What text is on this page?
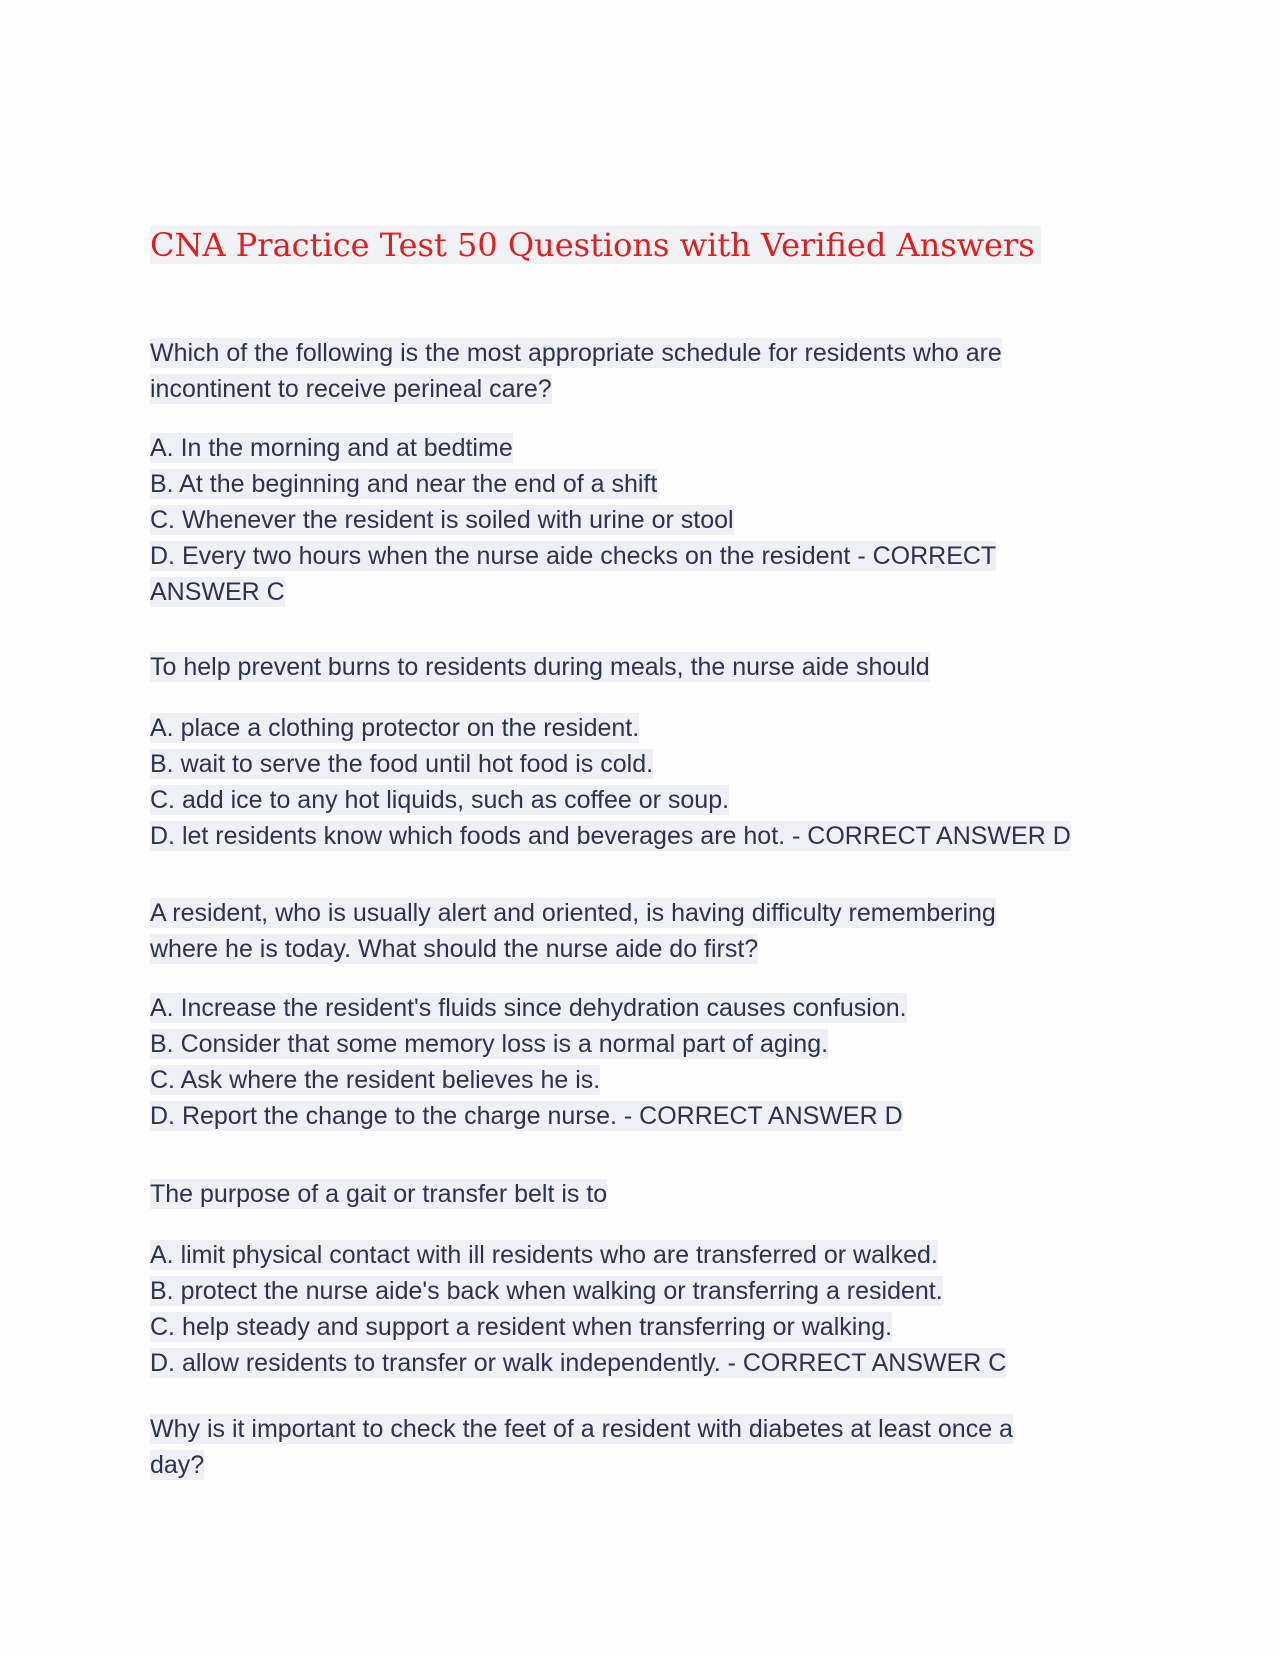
CNA Practice Test 50 Questions with Verified Answers
Which of the following is the most appropriate schedule for residents who are
incontinent to receive perineal care?
A. In the morning and at bedtime
B. At the beginning and near the end of a shift
C. Whenever the resident is soiled with urine or stool
D. Every two hours when the nurse aide checks on the resident - CORRECT
ANSWER C
To help prevent burns to residents during meals, the nurse aide should
A. place a clothing protector on the resident.
B. wait to serve the food until hot food is cold.
C. add ice to any hot liquids, such as coffee or soup.
D. let residents know which foods and beverages are hot. - CORRECT ANSWER D
A resident, who is usually alert and oriented, is having difficulty remembering
where he is today. What should the nurse aide do first?
A. Increase the resident's fluids since dehydration causes confusion.
B. Consider that some memory loss is a normal part of aging.
C. Ask where the resident believes he is.
D. Report the change to the charge nurse. - CORRECT ANSWER D
The purpose of a gait or transfer belt is to
A. limit physical contact with ill residents who are transferred or walked.
B. protect the nurse aide's back when walking or transferring a resident.
C. help steady and support a resident when transferring or walking.
D. allow residents to transfer or walk independently. - CORRECT ANSWER C
Why is it important to check the feet of a resident with diabetes at least once a
day?
